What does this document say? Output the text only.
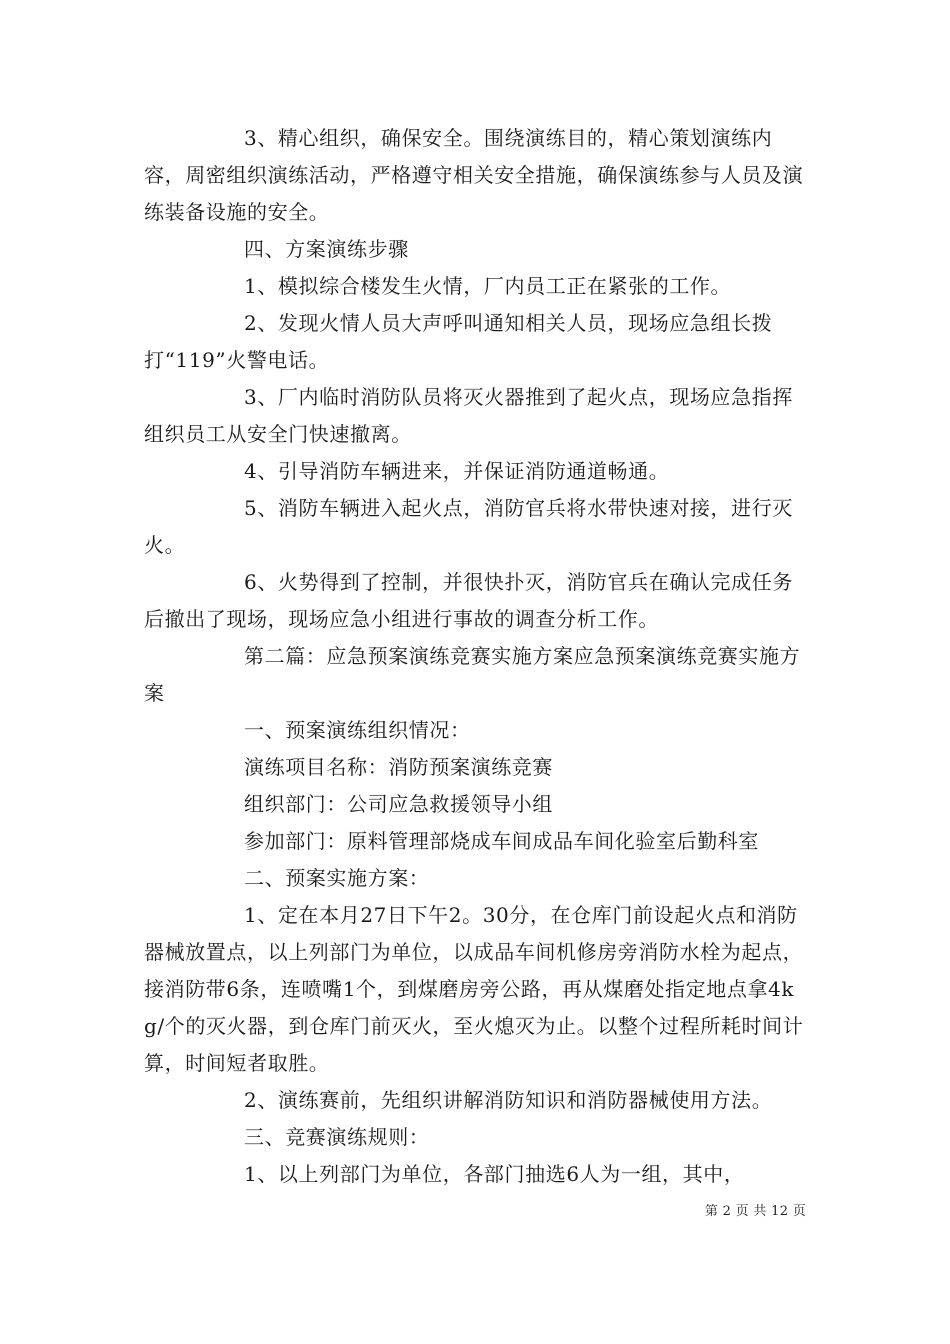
3、精心组织，确保安全。围绕演练目的，精心策划演练内容，周密组织演练活动，严格遵守相关安全措施，确保演练参与人员及演练装备设施的安全。

四、方案演练步骤

1、模拟综合楼发生火情，厂内员工正在紧张的工作。

2、发现火情人员大声呼叫通知相关人员，现场应急组长拨打“119”火警电话。

3、厂内临时消防队员将灭火器推到了起火点，现场应急指挥组织员工从安全门快速撤离。

4、引导消防车辆进来，并保证消防通道畅通。

5、消防车辆进入起火点，消防官兵将水带快速对接，进行灭火。

6、火势得到了控制，并很快扑灭，消防官兵在确认完成任务后撤出了现场，现场应急小组进行事故的调查分析工作。

第二篇：应急预案演练竞赛实施方案应急预案演练竞赛实施方案

一、预案演练组织情况：

演练项目名称：消防预案演练竞赛

组织部门：公司应急救援领导小组

参加部门：原料管理部烧成车间成品车间化验室后勤科室

二、预案实施方案：

1、定在本月27日下午2。30分，在仓库门前设起火点和消防器械放置点，以上列部门为单位，以成品车间机修房旁消防水栓为起点，接消防带6条，连喷嘴1个，到煤磨房旁公路，再从煤磨处指定地点拿4kg/个的灭火器，到仓库门前灭火，至火熄灭为止。以整个过程所耗时间计算，时间短者取胜。

2、演练赛前，先组织讲解消防知识和消防器械使用方法。

三、竞赛演练规则：

1、以上列部门为单位，各部门抽选6人为一组，其中，

第 2 页 共 12 页
